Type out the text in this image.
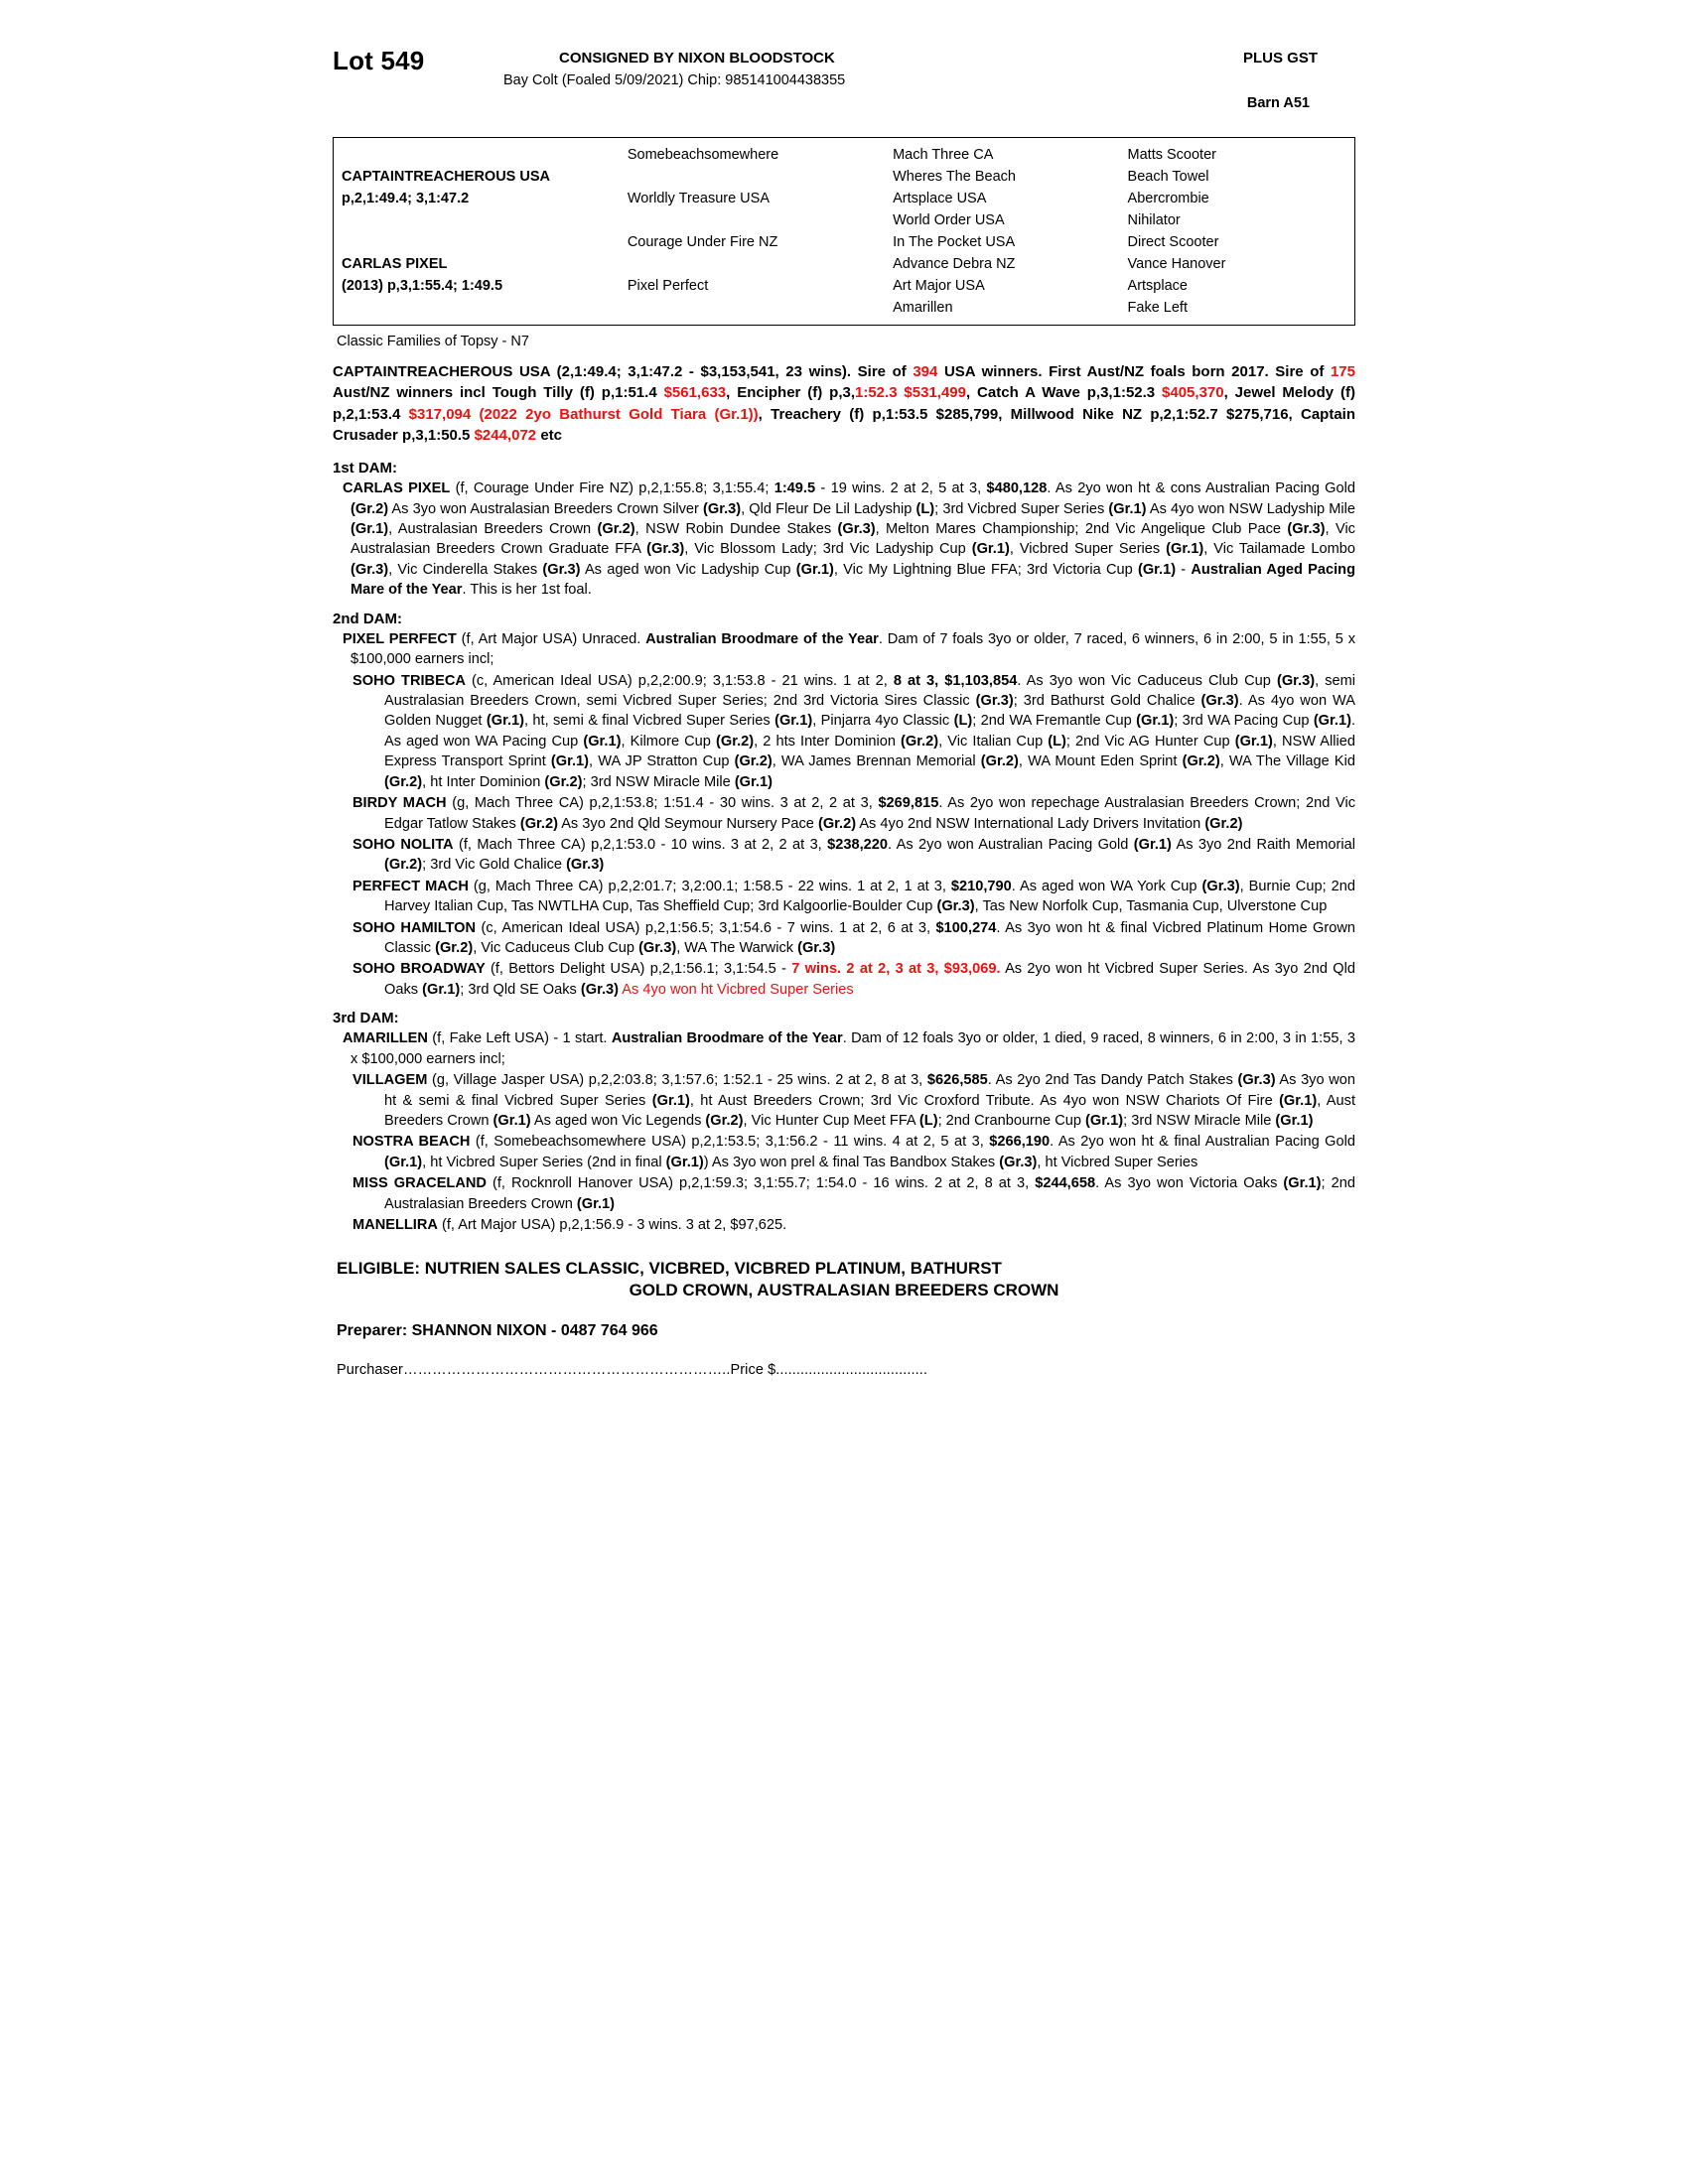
Lot 549	CONSIGNED BY NIXON BLOODSTOCK	PLUS GST
Bay Colt (Foaled 5/09/2021) Chip: 985141004438355
Barn A51
	Somebeachsomewhere	Mach Three CA	Matts Scooter
CAPTAINTREACHEROUS USA		Wheres The Beach	Beach Towel
p,2,1:49.4; 3,1:47.2	Worldly Treasure USA	Artsplace USA	Abercrombie
		World Order USA	Nihilator
	Courage Under Fire NZ	In The Pocket USA	Direct Scooter
CARLAS PIXEL		Advance Debra NZ	Vance Hanover
(2013) p,3,1:55.4; 1:49.5	Pixel Perfect	Art Major USA	Artsplace
		Amarillen	Fake Left
Classic Families of Topsy - N7
CAPTAINTREACHEROUS USA (2,1:49.4; 3,1:47.2 - $3,153,541, 23 wins). Sire of 394 USA winners. First Aust/NZ foals born 2017. Sire of 175 Aust/NZ winners incl Tough Tilly (f) p,1:51.4 $561,633, Encipher (f) p,3,1:52.3 $531,499, Catch A Wave p,3,1:52.3 $405,370, Jewel Melody (f) p,2,1:53.4 $317,094 (2022 2yo Bathurst Gold Tiara (Gr.1)), Treachery (f) p,1:53.5 $285,799, Millwood Nike NZ p,2,1:52.7 $275,716, Captain Crusader p,3,1:50.5 $244,072 etc
1st DAM:

CARLAS PIXEL (f, Courage Under Fire NZ) p,2,1:55.8; 3,1:55.4; 1:49.5 - 19 wins. 2 at 2, 5 at 3, $480,128. As 2yo won ht & cons Australian Pacing Gold (Gr.2) As 3yo won Australasian Breeders Crown Silver (Gr.3), Qld Fleur De Lil Ladyship (L); 3rd Vicbred Super Series (Gr.1) As 4yo won NSW Ladyship Mile (Gr.1), Australasian Breeders Crown (Gr.2), NSW Robin Dundee Stakes (Gr.3), Melton Mares Championship; 2nd Vic Angelique Club Pace (Gr.3), Vic Australasian Breeders Crown Graduate FFA (Gr.3), Vic Blossom Lady; 3rd Vic Ladyship Cup (Gr.1), Vicbred Super Series (Gr.1), Vic Tailamade Lombo (Gr.3), Vic Cinderella Stakes (Gr.3) As aged won Vic Ladyship Cup (Gr.1), Vic My Lightning Blue FFA; 3rd Victoria Cup (Gr.1) - Australian Aged Pacing Mare of the Year. This is her 1st foal.

2nd DAM:

PIXEL PERFECT (f, Art Major USA) Unraced. Australian Broodmare of the Year. Dam of 7 foals 3yo or older, 7 raced, 6 winners, 6 in 2:00, 5 in 1:55, 5 x $100,000 earners incl;

SOHO TRIBECA (c, American Ideal USA) p,2,2:00.9; 3,1:53.8 - 21 wins. 1 at 2, 8 at 3, $1,103,854. As 3yo won Vic Caduceus Club Cup (Gr.3), semi Australasian Breeders Crown, semi Vicbred Super Series; 2nd 3rd Victoria Sires Classic (Gr.3); 3rd Bathurst Gold Chalice (Gr.3). As 4yo won WA Golden Nugget (Gr.1), ht, semi & final Vicbred Super Series (Gr.1), Pinjarra 4yo Classic (L); 2nd WA Fremantle Cup (Gr.1); 3rd WA Pacing Cup (Gr.1). As aged won WA Pacing Cup (Gr.1), Kilmore Cup (Gr.2), 2 hts Inter Dominion (Gr.2), Vic Italian Cup (L); 2nd Vic AG Hunter Cup (Gr.1), NSW Allied Express Transport Sprint (Gr.1), WA JP Stratton Cup (Gr.2), WA James Brennan Memorial (Gr.2), WA Mount Eden Sprint (Gr.2), WA The Village Kid (Gr.2), ht Inter Dominion (Gr.2); 3rd NSW Miracle Mile (Gr.1)

BIRDY MACH (g, Mach Three CA) p,2,1:53.8; 1:51.4 - 30 wins. 3 at 2, 2 at 3, $269,815. As 2yo won repechage Australasian Breeders Crown; 2nd Vic Edgar Tatlow Stakes (Gr.2) As 3yo 2nd Qld Seymour Nursery Pace (Gr.2) As 4yo 2nd NSW International Lady Drivers Invitation (Gr.2)

SOHO NOLITA (f, Mach Three CA) p,2,1:53.0 - 10 wins. 3 at 2, 2 at 3, $238,220. As 2yo won Australian Pacing Gold (Gr.1) As 3yo 2nd Raith Memorial (Gr.2); 3rd Vic Gold Chalice (Gr.3)

PERFECT MACH (g, Mach Three CA) p,2,2:01.7; 3,2:00.1; 1:58.5 - 22 wins. 1 at 2, 1 at 3, $210,790. As aged won WA York Cup (Gr.3), Burnie Cup; 2nd Harvey Italian Cup, Tas NWTLHA Cup, Tas Sheffield Cup; 3rd Kalgoorlie-Boulder Cup (Gr.3), Tas New Norfolk Cup, Tasmania Cup, Ulverstone Cup

SOHO HAMILTON (c, American Ideal USA) p,2,1:56.5; 3,1:54.6 - 7 wins. 1 at 2, 6 at 3, $100,274. As 3yo won ht & final Vicbred Platinum Home Grown Classic (Gr.2), Vic Caduceus Club Cup (Gr.3), WA The Warwick (Gr.3)

SOHO BROADWAY (f, Bettors Delight USA) p,2,1:56.1; 3,1:54.5 - 7 wins. 2 at 2, 3 at 3, $93,069. As 2yo won ht Vicbred Super Series. As 3yo 2nd Qld Oaks (Gr.1); 3rd Qld SE Oaks (Gr.3) As 4yo won ht Vicbred Super Series

3rd DAM:

AMARILLEN (f, Fake Left USA) - 1 start. Australian Broodmare of the Year. Dam of 12 foals 3yo or older, 1 died, 9 raced, 8 winners, 6 in 2:00, 3 in 1:55, 3 x $100,000 earners incl;

VILLAGEM (g, Village Jasper USA) p,2,2:03.8; 3,1:57.6; 1:52.1 - 25 wins. 2 at 2, 8 at 3, $626,585. As 2yo 2nd Tas Dandy Patch Stakes (Gr.3) As 3yo won ht & semi & final Vicbred Super Series (Gr.1), ht Aust Breeders Crown; 3rd Vic Croxford Tribute. As 4yo won NSW Chariots Of Fire (Gr.1), Aust Breeders Crown (Gr.1) As aged won Vic Legends (Gr.2), Vic Hunter Cup Meet FFA (L); 2nd Cranbourne Cup (Gr.1); 3rd NSW Miracle Mile (Gr.1)

NOSTRA BEACH (f, Somebeachsomewhere USA) p,2,1:53.5; 3,1:56.2 - 11 wins. 4 at 2, 5 at 3, $266,190. As 2yo won ht & final Australian Pacing Gold (Gr.1), ht Vicbred Super Series (2nd in final (Gr.1)) As 3yo won prel & final Tas Bandbox Stakes (Gr.3), ht Vicbred Super Series

MISS GRACELAND (f, Rocknroll Hanover USA) p,2,1:59.3; 3,1:55.7; 1:54.0 - 16 wins. 2 at 2, 8 at 3, $244,658. As 3yo won Victoria Oaks (Gr.1); 2nd Australasian Breeders Crown (Gr.1)

MANELLIRA (f, Art Major USA) p,2,1:56.9 - 3 wins. 3 at 2, $97,625.

ELIGIBLE: NUTRIEN SALES CLASSIC, VICBRED, VICBRED PLATINUM, BATHURST
GOLD CROWN, AUSTRALASIAN BREEDERS CROWN
Preparer: SHANNON NIXON - 0487 764 966
Purchaser…………………………………………………………..Price $.....................................
